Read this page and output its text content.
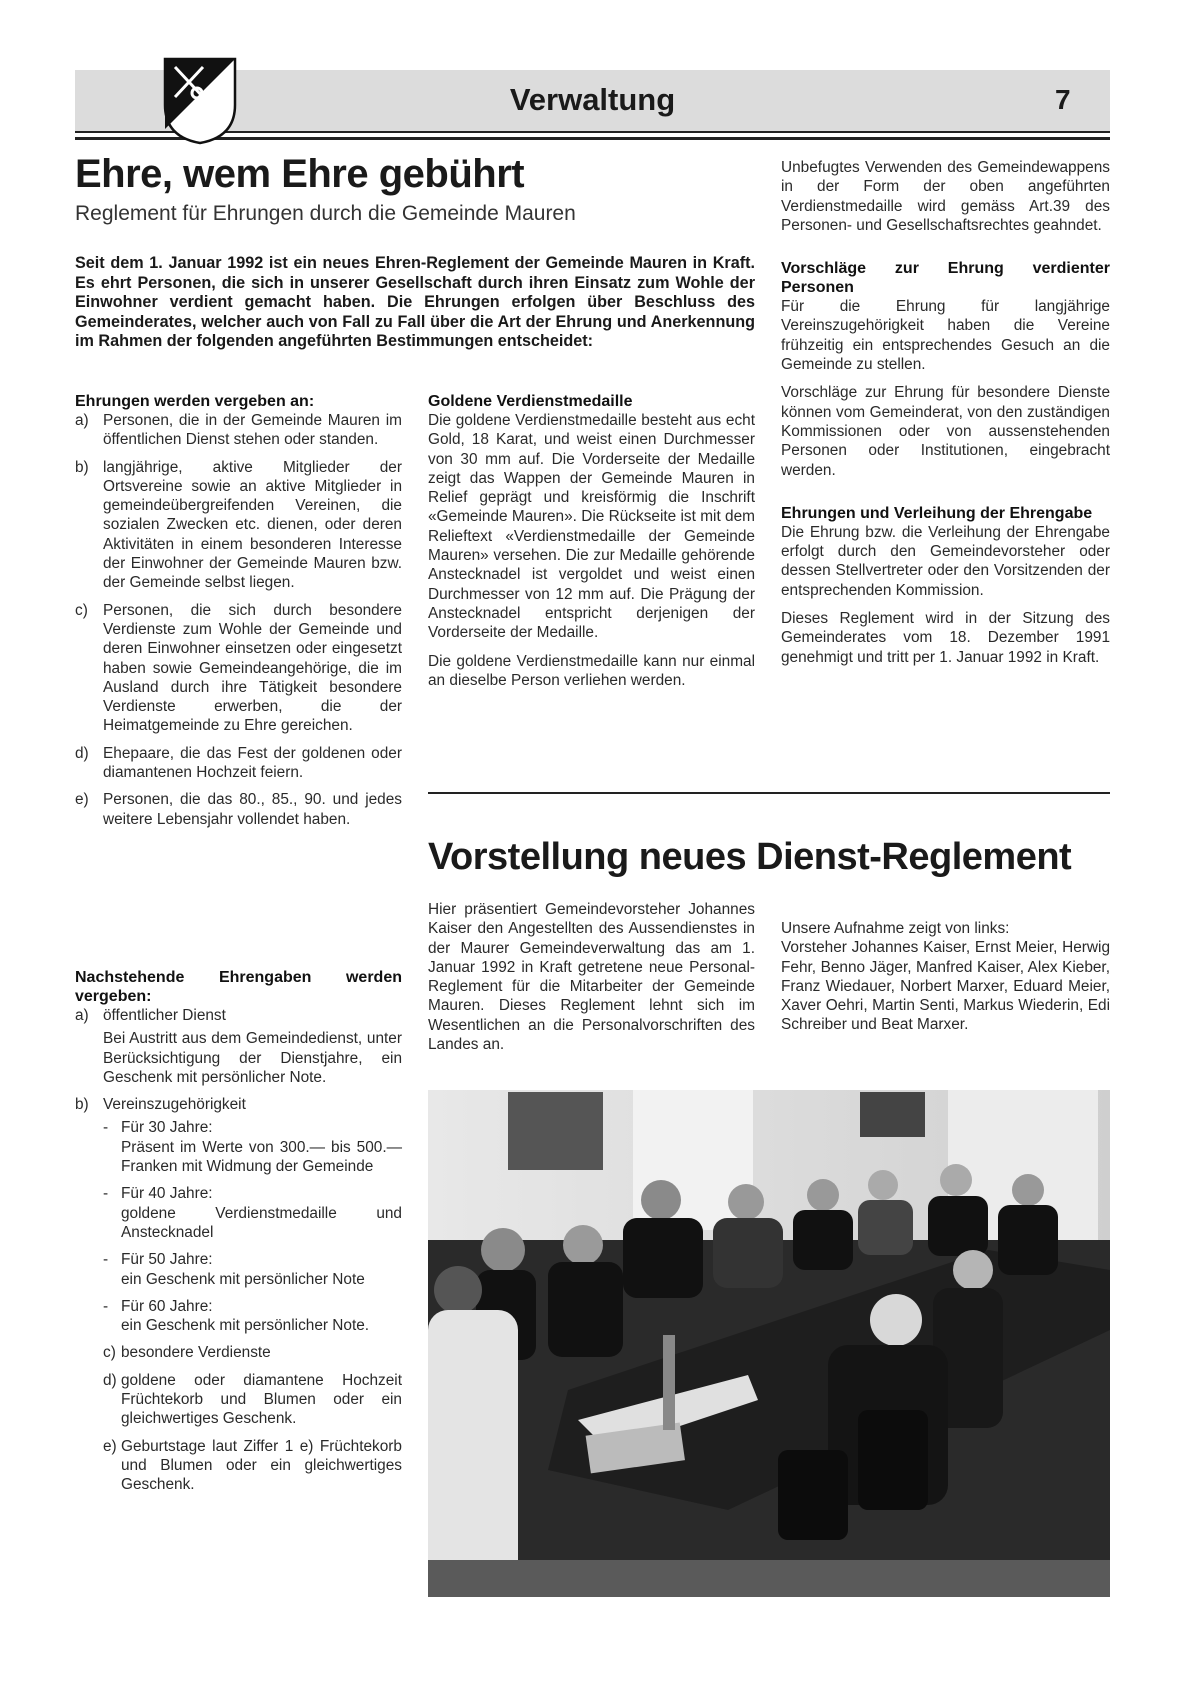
Verwaltung	7
Ehre, wem Ehre gebührt
Reglement für Ehrungen durch die Gemeinde Mauren
Seit dem 1. Januar 1992 ist ein neues Ehren-Reglement der Gemeinde Mauren in Kraft. Es ehrt Personen, die sich in unserer Gesellschaft durch ihren Einsatz zum Wohle der Einwohner verdient gemacht haben. Die Ehrungen erfolgen über Beschluss des Gemeinderates, welcher auch von Fall zu Fall über die Art der Ehrung und Anerkennung im Rahmen der folgenden angeführten Bestimmungen entscheidet:
Ehrungen werden vergeben an:
a) Personen, die in der Gemeinde Mauren im öffentlichen Dienst stehen oder standen.
b) langjährige, aktive Mitglieder der Ortsvereine sowie an aktive Mitglieder in gemeindeübergreifenden Vereinen, die sozialen Zwecken etc. dienen, oder deren Aktivitäten in einem besonderen Interesse der Einwohner der Gemeinde Mauren bzw. der Gemeinde selbst liegen.
c) Personen, die sich durch besondere Verdienste zum Wohle der Gemeinde und deren Einwohner einsetzen oder eingesetzt haben sowie Gemeindeangehörige, die im Ausland durch ihre Tätigkeit besondere Verdienste erwerben, die der Heimatgemeinde zu Ehre gereichen.
d) Ehepaare, die das Fest der goldenen oder diamantenen Hochzeit feiern.
e) Personen, die das 80., 85., 90. und jedes weitere Lebensjahr vollendet haben.
Nachstehende Ehrengaben werden vergeben:
a) öffentlicher Dienst
Bei Austritt aus dem Gemeindedienst, unter Berücksichtigung der Dienstjahre, ein Geschenk mit persönlicher Note.
b) Vereinszugehörigkeit
- Für 30 Jahre:
Präsent im Werte von 300.— bis 500.— Franken mit Widmung der Gemeinde
- Für 40 Jahre:
goldene Verdienstmedaille und Anstecknadel
- Für 50 Jahre:
ein Geschenk mit persönlicher Note
- Für 60 Jahre:
ein Geschenk mit persönlicher Note.
c) besondere Verdienste
d) goldene oder diamantene Hochzeit Früchtekorb und Blumen oder ein gleichwertiges Geschenk.
e) Geburtstage laut Ziffer 1 e) Früchtekorb und Blumen oder ein gleichwertiges Geschenk.
Goldene Verdienstmedaille

Die goldene Verdienstmedaille besteht aus echt Gold, 18 Karat, und weist einen Durchmesser von 30 mm auf. Die Vorderseite der Medaille zeigt das Wappen der Gemeinde Mauren in Relief geprägt und kreisförmig die Inschrift «Gemeinde Mauren». Die Rückseite ist mit dem Relieftext «Verdienstmedaille der Gemeinde Mauren» versehen. Die zur Medaille gehörende Anstecknadel ist vergoldet und weist einen Durchmesser von 12 mm auf. Die Prägung der Anstecknadel entspricht derjenigen der Vorderseite der Medaille.

Die goldene Verdienstmedaille kann nur einmal an dieselbe Person verliehen werden.

Unbefugtes Verwenden des Gemeindewappens in der Form der oben angeführten Verdienstmedaille wird gemäss Art.39 des Personen- und Gesellschaftsrechtes geahndet.

Vorschläge zur Ehrung verdienter Personen

Für die Ehrung für langjährige Vereinszugehörigkeit haben die Vereine frühzeitig ein entsprechendes Gesuch an die Gemeinde zu stellen.

Vorschläge zur Ehrung für besondere Dienste können vom Gemeinderat, von den zuständigen Kommissionen oder von aussenstehenden Personen oder Institutionen, eingebracht werden.

Ehrungen und Verleihung der Ehrengabe

Die Ehrung bzw. die Verleihung der Ehrengabe erfolgt durch den Gemeindevorsteher oder dessen Stellvertreter oder den Vorsitzenden der entsprechenden Kommission.

Dieses Reglement wird in der Sitzung des Gemeinderates vom 18. Dezember 1991 genehmigt und tritt per 1. Januar 1992 in Kraft.

Vorstellung neues Dienst-Reglement
Hier präsentiert Gemeindevorsteher Johannes Kaiser den Angestellten des Aussendienstes in der Maurer Gemeindeverwaltung das am 1. Januar 1992 in Kraft getretene neue Personal-Reglement für die Mitarbeiter der Gemeinde Mauren. Dieses Reglement lehnt sich im Wesentlichen an die Personalvorschriften des Landes an.
Unsere Aufnahme zeigt von links:
Vorsteher Johannes Kaiser, Ernst Meier, Herwig Fehr, Benno Jäger, Manfred Kaiser, Alex Kieber, Franz Wiedauer, Norbert Marxer, Eduard Meier, Xaver Oehri, Martin Senti, Markus Wiederin, Edi Schreiber und Beat Marxer.
